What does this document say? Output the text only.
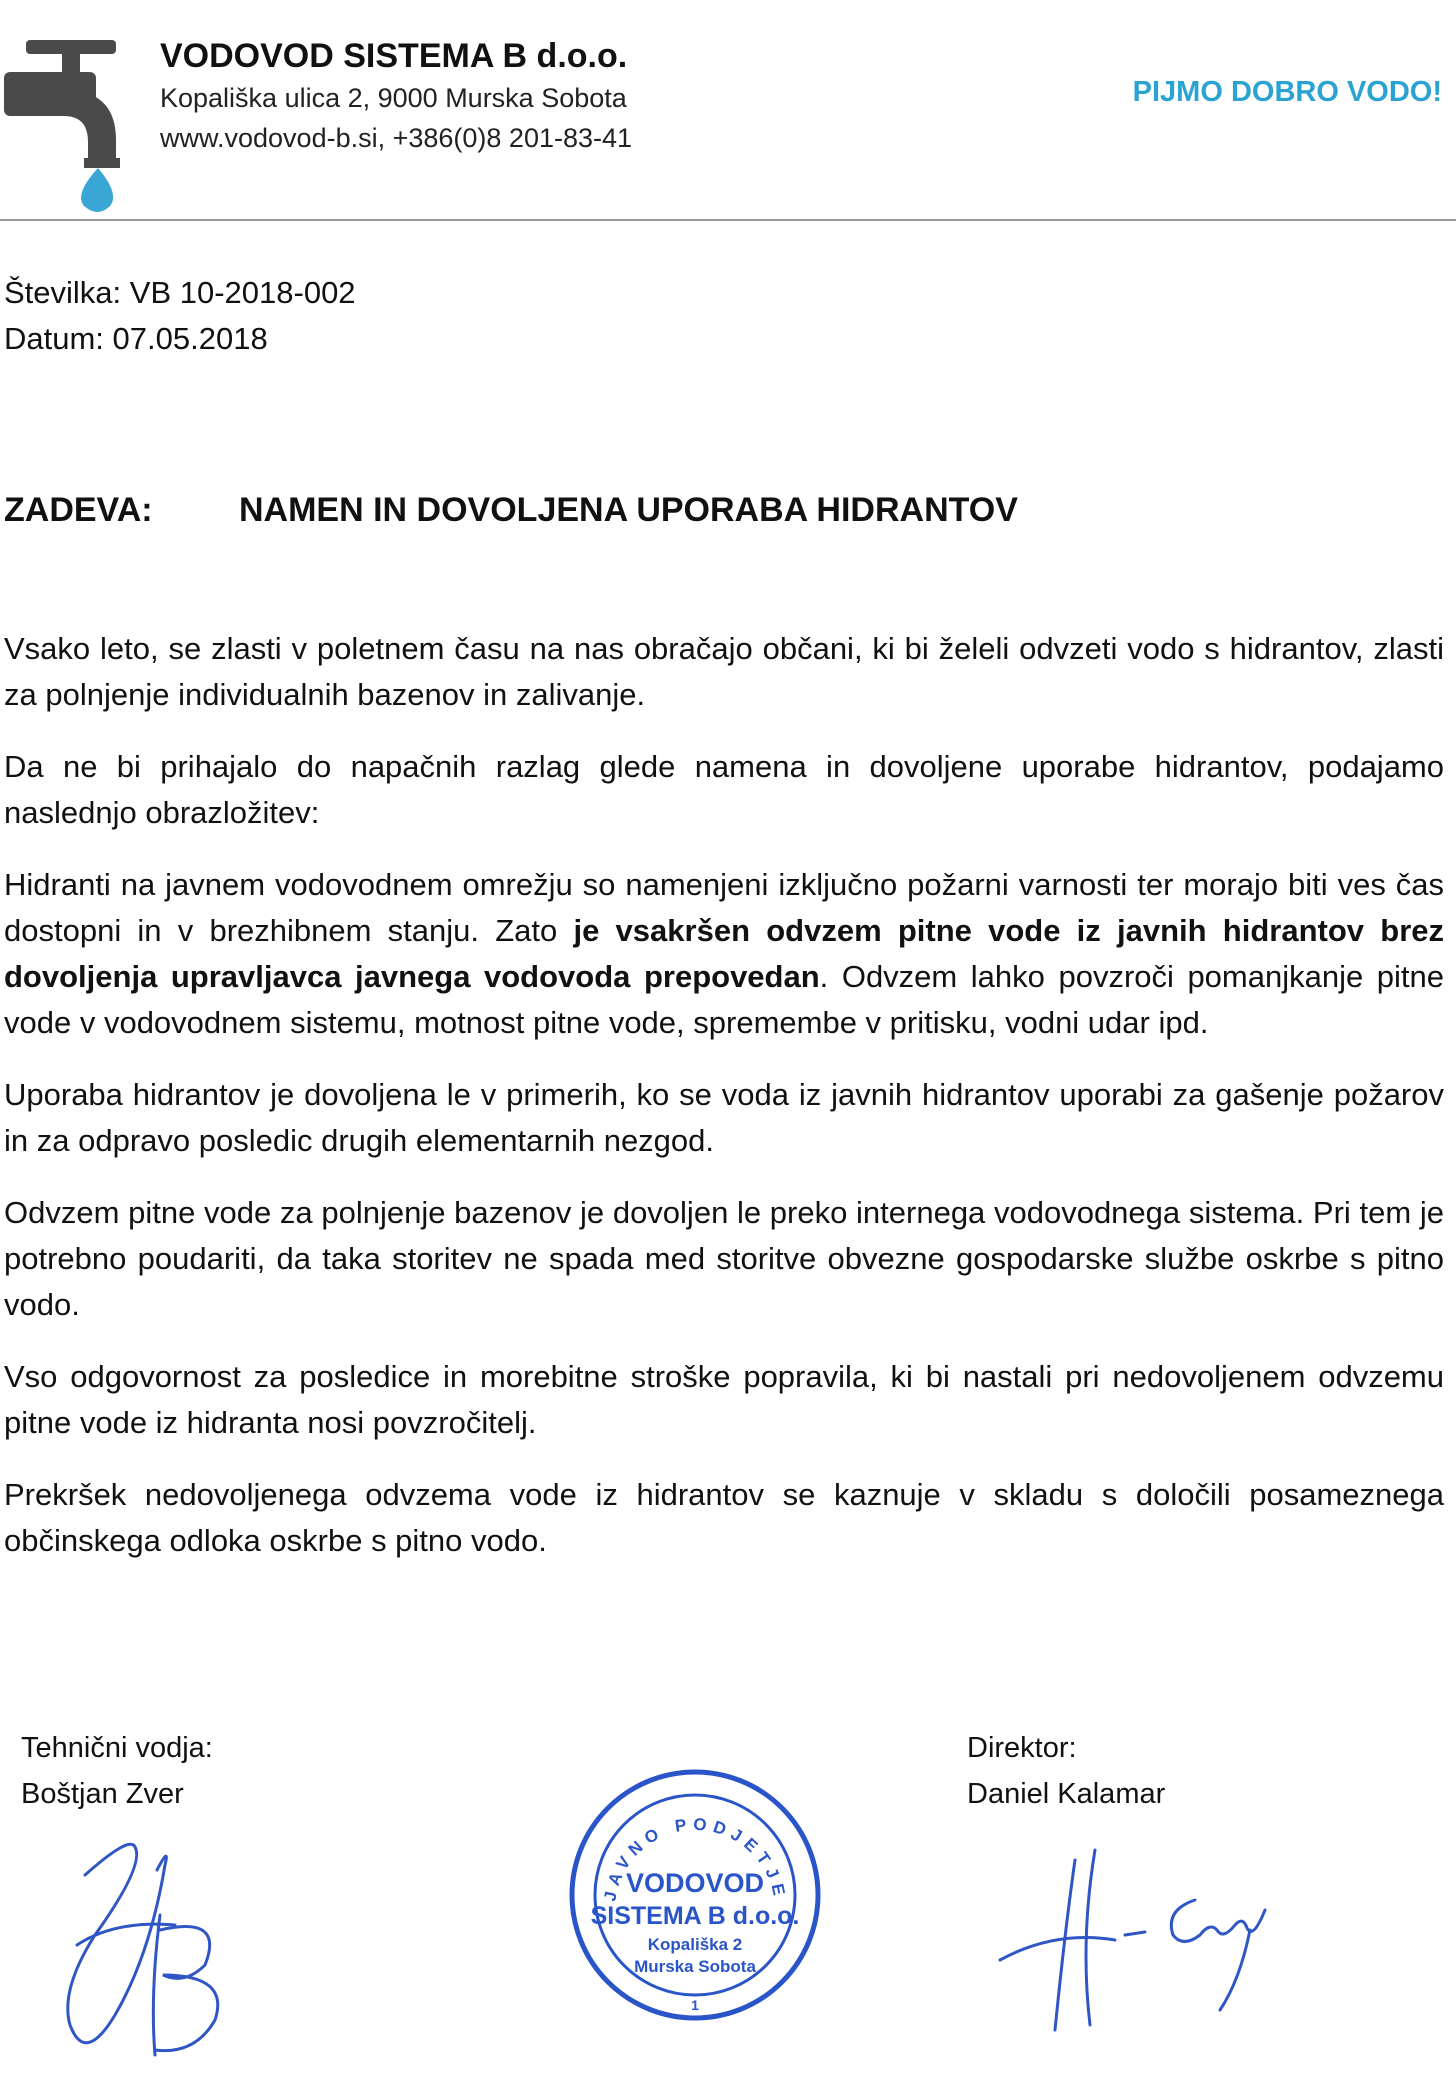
VODOVOD SISTEMA B d.o.o.
Kopališka ulica 2, 9000 Murska Sobota
www.vodovod-b.si, +386(0)8 201-83-41
PIJMO DOBRO VODO!
Številka: VB 10-2018-002
Datum: 07.05.2018
ZADEVA:	NAMEN IN DOVOLJENA UPORABA HIDRANTOV

Vsako leto, se zlasti v poletnem času na nas obračajo občani, ki bi želeli odvzeti vodo s hidrantov, zlasti za polnjenje individualnih bazenov in zalivanje.

Da ne bi prihajalo do napačnih razlag glede namena in dovoljene uporabe hidrantov, podajamo naslednjo obrazložitev:

Hidranti na javnem vodovodnem omrežju so namenjeni izključno požarni varnosti ter morajo biti ves čas dostopni in v brezhibnem stanju. Zato je vsakršen odvzem pitne vode iz javnih hidrantov brez dovoljenja upravljavca javnega vodovoda prepovedan. Odvzem lahko povzroči pomanjkanje pitne vode v vodovodnem sistemu, motnost pitne vode, spremembe v pritisku, vodni udar ipd.

Uporaba hidrantov je dovoljena le v primerih, ko se voda iz javnih hidrantov uporabi za gašenje požarov in za odpravo posledic drugih elementarnih nezgod.

Odvzem pitne vode za polnjenje bazenov je dovoljen le preko internega vodovodnega sistema. Pri tem je potrebno poudariti, da taka storitev ne spada med storitve obvezne gospodarske službe oskrbe s pitno vodo.

Vso odgovornost za posledice in morebitne stroške popravila, ki bi nastali pri nedovoljenem odvzemu pitne vode iz hidranta nosi povzročitelj.

Prekršek nedovoljenega odvzema vode iz hidrantov se kaznuje v skladu s določili posameznega občinskega odloka oskrbe s pitno vodo.

Tehnični vodja:
Boštjan Zver
Direktor:
Daniel Kalamar
JAVNO PODJETJE
VODOVOD
SISTEMA B d.o.o.
Kopališka 2
Murska Sobota
1
